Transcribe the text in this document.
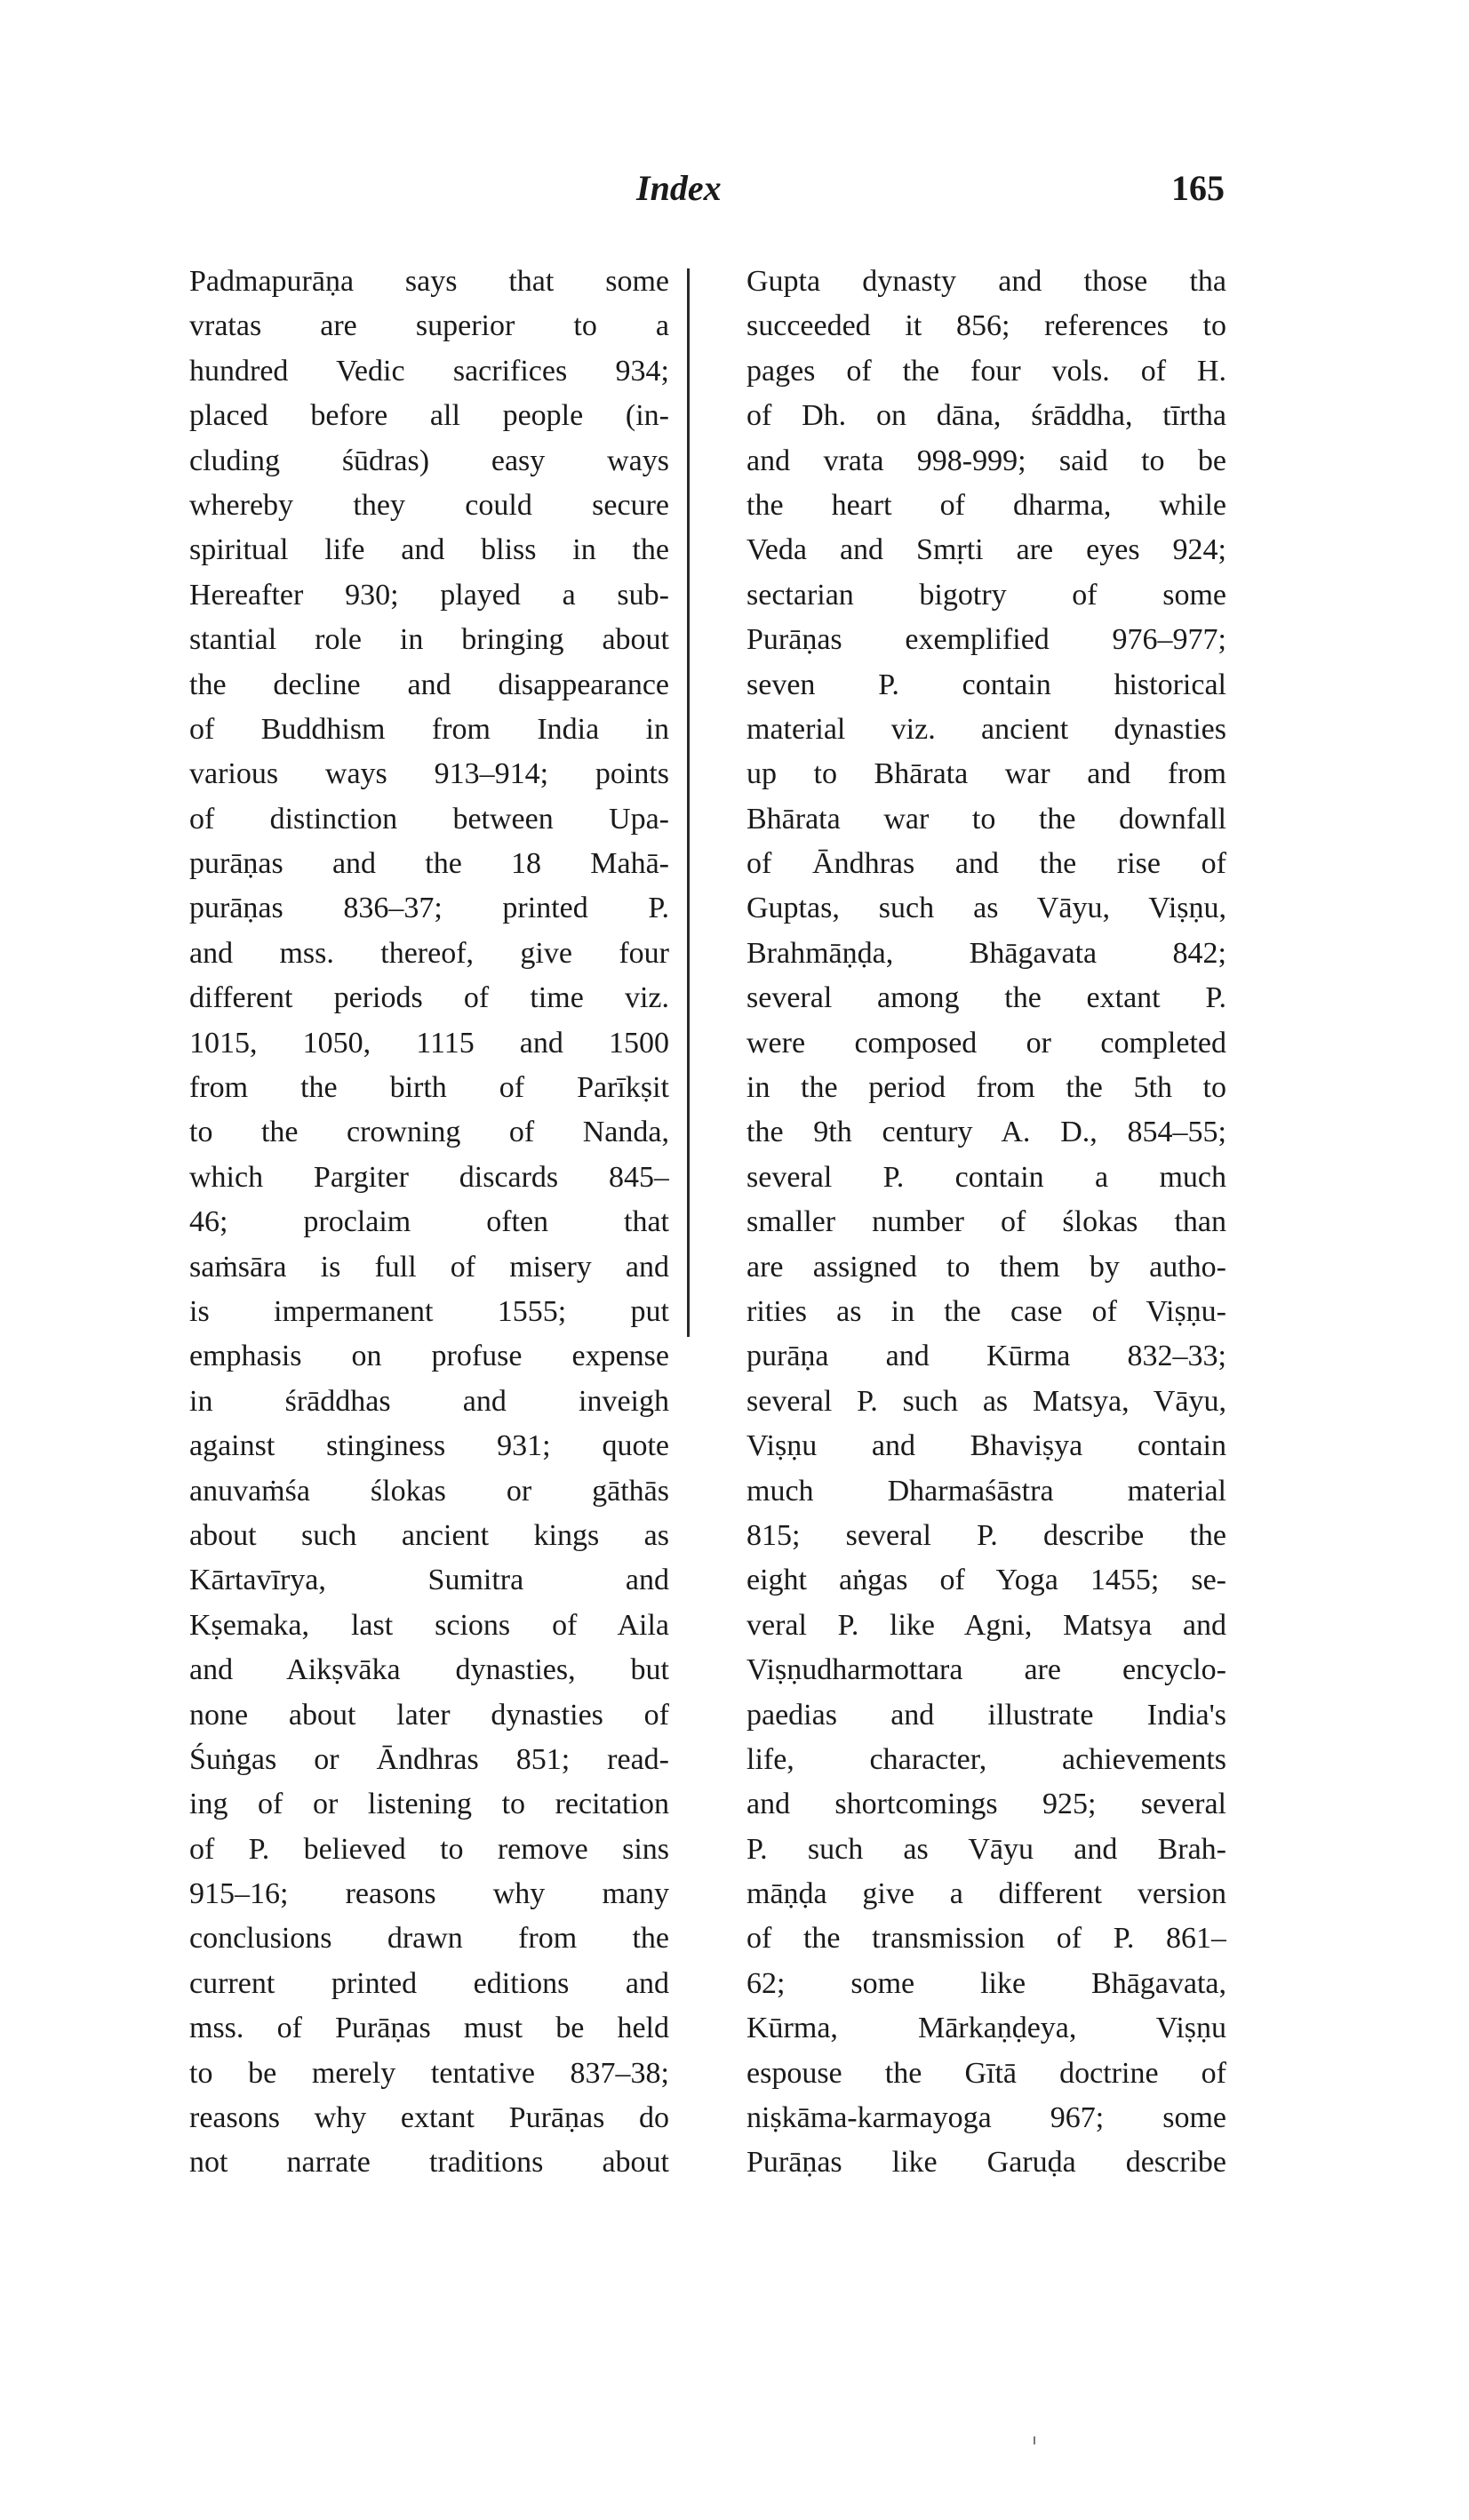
Index	165
Padmapurāṇa says that some
vratas are superior to a
hundred Vedic sacrifices 934;
placed before all people (in-
cluding śūdras) easy ways
whereby they could secure
spiritual life and bliss in the
Hereafter 930; played a sub-
stantial role in bringing about
the decline and disappearance
of Buddhism from India in
various ways 913–914; points
of distinction between Upa-
purāṇas and the 18 Mahā-
purāṇas 836–37; printed P.
and mss. thereof, give four
different periods of time viz.
1015, 1050, 1115 and 1500
from the birth of Parīkṣit
to the crowning of Nanda,
which Pargiter discards 845–
46; proclaim often that
saṁsāra is full of misery and
is impermanent 1555; put
emphasis on profuse expense
in śrāddhas and inveigh
against stinginess 931; quote
anuvaṁśa ślokas or gāthās
about such ancient kings as
Kārtavīrya, Sumitra and
Kṣemaka, last scions of Aila
and Aikṣvāka dynasties, but
none about later dynasties of
Śuṅgas or Āndhras 851; read-
ing of or listening to recitation
of P. believed to remove sins
915–16; reasons why many
conclusions drawn from the
current printed editions and
mss. of Purāṇas must be held
to be merely tentative 837–38;
reasons why extant Purāṇas do
not narrate traditions about
Gupta dynasty and those tha
succeeded it 856; references to
pages of the four vols. of H.
of Dh. on dāna, śrāddha, tīrtha
and vrata 998-999; said to be
the heart of dharma, while
Veda and Smṛti are eyes 924;
sectarian bigotry of some
Purāṇas exemplified 976–977;
seven P. contain historical
material viz. ancient dynasties
up to Bhārata war and from
Bhārata war to the downfall
of Āndhras and the rise of
Guptas, such as Vāyu, Viṣṇu,
Brahmāṇḍa, Bhāgavata 842;
several among the extant P.
were composed or completed
in the period from the 5th to
the 9th century A. D., 854–55;
several P. contain a much
smaller number of ślokas than
are assigned to them by autho-
rities as in the case of Viṣṇu-
purāṇa and Kūrma 832–33;
several P. such as Matsya, Vāyu,
Viṣṇu and Bhaviṣya contain
much Dharmaśāstra material
815; several P. describe the
eight aṅgas of Yoga 1455; se-
veral P. like Agni, Matsya and
Viṣṇudharmottara are encyclo-
paedias and illustrate India's
life, character, achievements
and shortcomings 925; several
P. such as Vāyu and Brah-
māṇḍa give a different version
of the transmission of P. 861–
62; some like Bhāgavata,
Kūrma, Mārkaṇḍeya, Viṣṇu
espouse the Gītā doctrine of
niṣkāma-karmayoga 967; some
Purāṇas like Garuḍa describe
